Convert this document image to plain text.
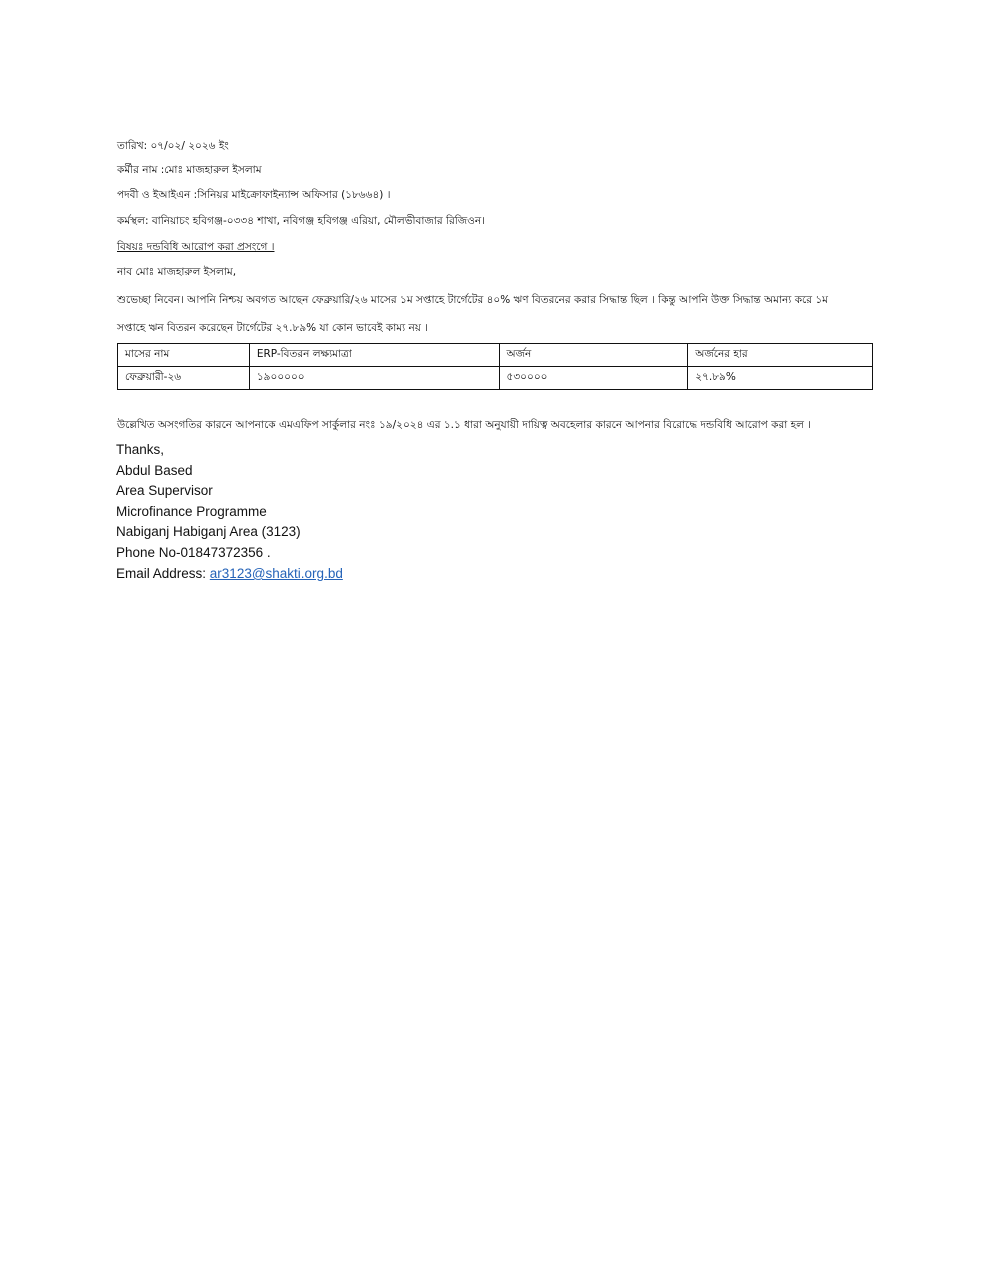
তারিখ: ০৭/০২/ ২০২৬ ইং
কর্মীর নাম :মোঃ মাজহারুল ইসলাম
পদবী ও ইআইএন :সিনিয়র মাইক্রোফাইন্যান্স অফিসার (১৮৬৬৪) ।
কর্মস্থল: বানিয়াচং হবিগঞ্জ-০৩৩৪ শাখা, নবিগঞ্জ হবিগঞ্জ এরিয়া, মৌলভীবাজার রিজিওন।
বিষয়ঃ দন্ডবিধি আরোপ করা প্রসংগে ।
নাব মোঃ মাজহারুল ইসলাম,
শুভেচ্ছা নিবেন। আপনি নিশ্চয় অবগত আছেন ফেব্রুয়ারি/২৬ মাসের ১ম সপ্তাহে টার্গেটের ৪০% ঋণ বিতরনের করার সিদ্ধান্ত ছিল । কিন্তু আপনি উক্ত সিদ্ধান্ত অমান্য করে ১ম
সপ্তাহে ঋন বিতরন করেছেন টার্গেটের ২৭.৮৯% যা কোন ভাবেই কাম্য নয় ।
মাসের নাম	ERP-বিতরন লক্ষ্যমাত্রা	অর্জন	অর্জনের হার
ফেব্রুয়ারী-২৬	১৯০০০০০	৫৩০০০০	২৭.৮৯%
উল্লেখিত অসংগতির কারনে আপনাকে এমএফিপ সার্কুলার নংঃ ১৯/২০২৪ এর ১.১ ধারা অনুযায়ী দায়িত্ব অবহেলার কারনে আপনার বিরোদ্ধে দন্ডবিধি আরোপ করা হল ।
Thanks,
Abdul Based
Area Supervisor
Microfinance Programme
Nabiganj Habiganj Area (3123)
Phone No-01847372356 .
Email Address: ar3123@shakti.org.bd
